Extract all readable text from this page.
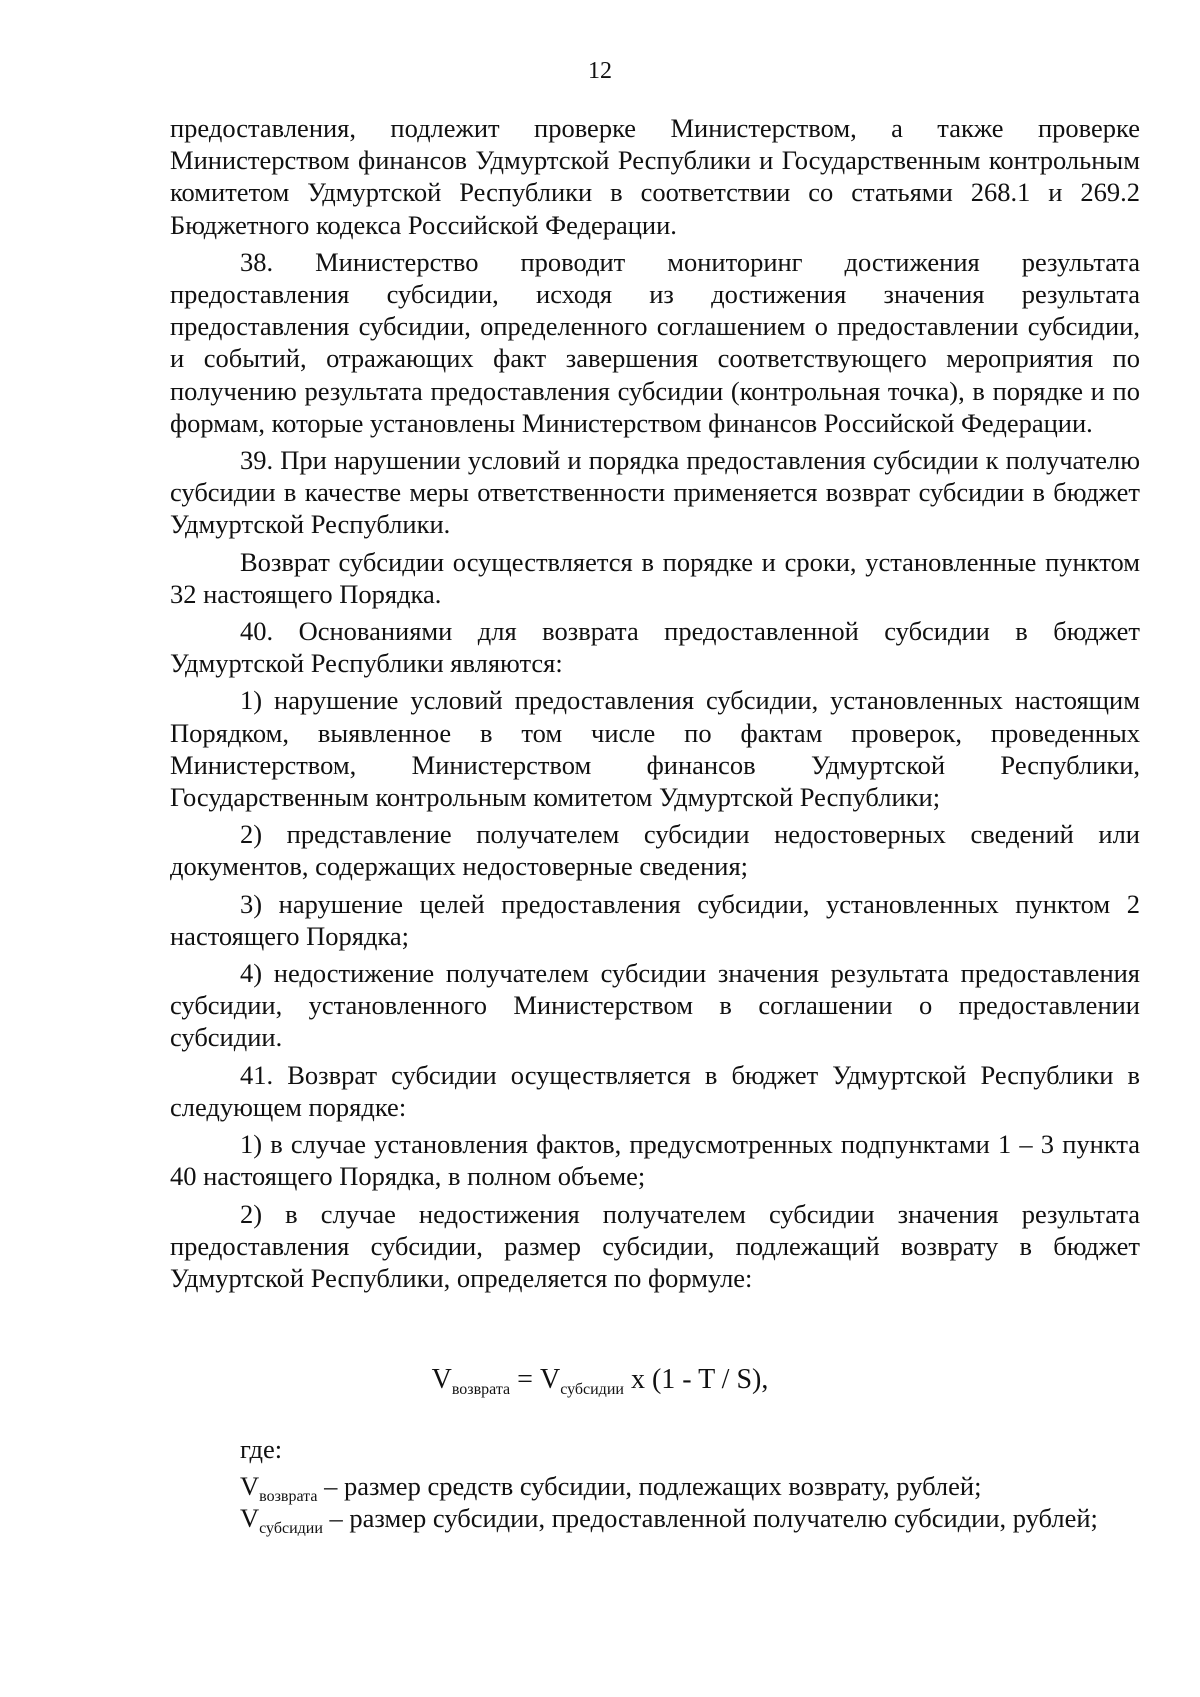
12

предоставления, подлежит проверке Министерством, а также проверке Министерством финансов Удмуртской Республики и Государственным контрольным комитетом Удмуртской Республики в соответствии со статьями 268.1 и 269.2 Бюджетного кодекса Российской Федерации.

38. Министерство проводит мониторинг достижения результата предоставления субсидии, исходя из достижения значения результата предоставления субсидии, определенного соглашением о предоставлении субсидии, и событий, отражающих факт завершения соответствующего мероприятия по получению результата предоставления субсидии (контрольная точка), в порядке и по формам, которые установлены Министерством финансов Российской Федерации.

39. При нарушении условий и порядка предоставления субсидии к получателю субсидии в качестве меры ответственности применяется возврат субсидии в бюджет Удмуртской Республики.

Возврат субсидии осуществляется в порядке и сроки, установленные пунктом 32 настоящего Порядка.

40. Основаниями для возврата предоставленной субсидии в бюджет Удмуртской Республики являются:

1) нарушение условий предоставления субсидии, установленных настоящим Порядком, выявленное в том числе по фактам проверок, проведенных Министерством, Министерством финансов Удмуртской Республики, Государственным контрольным комитетом Удмуртской Республики;

2) представление получателем субсидии недостоверных сведений или документов, содержащих недостоверные сведения;

3) нарушение целей предоставления субсидии, установленных пунктом 2 настоящего Порядка;

4) недостижение получателем субсидии значения результата предоставления субсидии, установленного Министерством в соглашении о предоставлении субсидии.

41. Возврат субсидии осуществляется в бюджет Удмуртской Республики в следующем порядке:

1) в случае установления фактов, предусмотренных подпунктами 1 – 3 пункта 40 настоящего Порядка, в полном объеме;

2) в случае недостижения получателем субсидии значения результата предоставления субсидии, размер субсидии, подлежащий возврату в бюджет Удмуртской Республики, определяется по формуле:

$V_{возврата} = V_{субсидии}$ x (1 - T / S),

где:

$V_{возврата}$ – размер средств субсидии, подлежащих возврату, рублей;

$V_{субсидии}$ – размер субсидии, предоставленной получателю субсидии, рублей;
